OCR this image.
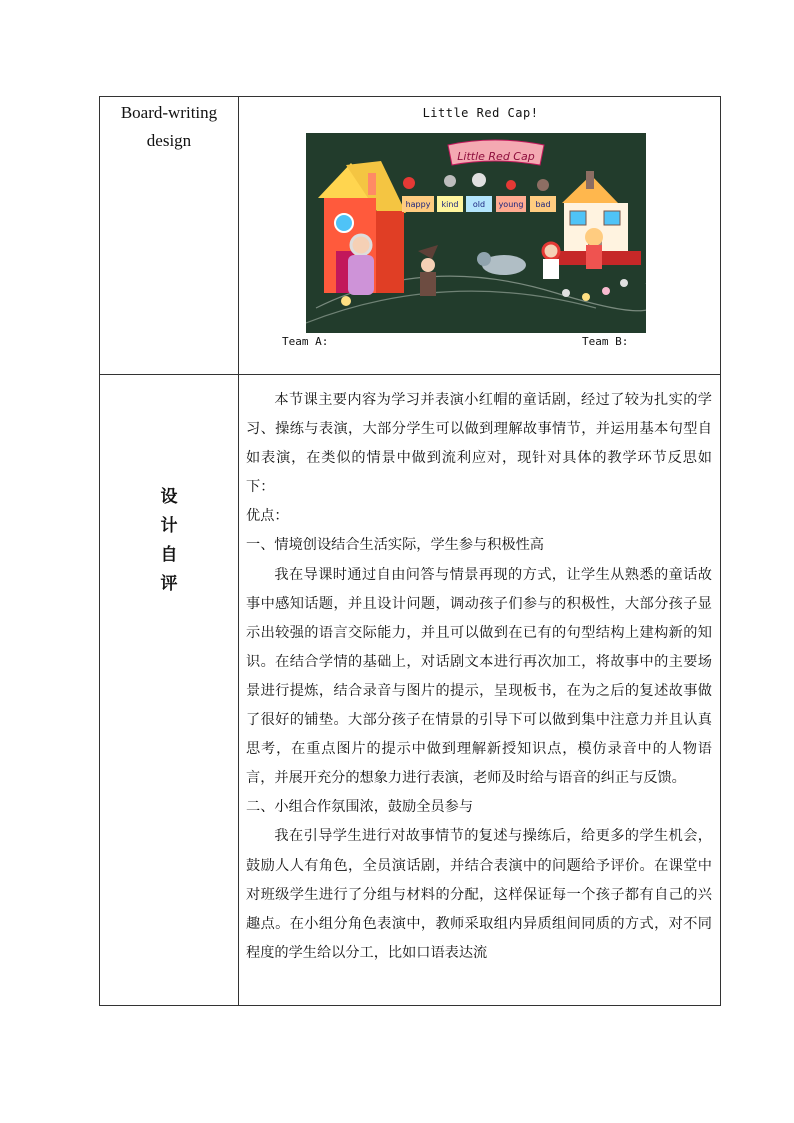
Board-writing
design
设
计
自
评
Little Red Cap!
Little Red Cap
happy kind old young bad
Team A:	Team B:

本节课主要内容为学习并表演小红帽的童话剧，经过了较为扎实的学习、操练与表演，大部分学生可以做到理解故事情节，并运用基本句型自如表演，在类似的情景中做到流利应对，现针对具体的教学环节反思如下：

优点：

一、情境创设结合生活实际，学生参与积极性高

我在导课时通过自由问答与情景再现的方式，让学生从熟悉的童话故事中感知话题，并且设计问题，调动孩子们参与的积极性，大部分孩子显示出较强的语言交际能力，并且可以做到在已有的句型结构上建构新的知识。在结合学情的基础上，对话剧文本进行再次加工，将故事中的主要场景进行提炼，结合录音与图片的提示，呈现板书，在为之后的复述故事做了很好的铺垫。大部分孩子在情景的引导下可以做到集中注意力并且认真思考，在重点图片的提示中做到理解新授知识点，模仿录音中的人物语言，并展开充分的想象力进行表演，老师及时给与语音的纠正与反馈。

二、小组合作氛围浓，鼓励全员参与

我在引导学生进行对故事情节的复述与操练后，给更多的学生机会，鼓励人人有角色，全员演话剧，并结合表演中的问题给予评价。在课堂中对班级学生进行了分组与材料的分配，这样保证每一个孩子都有自己的兴趣点。在小组分角色表演中，教师采取组内异质组间同质的方式，对不同程度的学生给以分工，比如口语表达流
